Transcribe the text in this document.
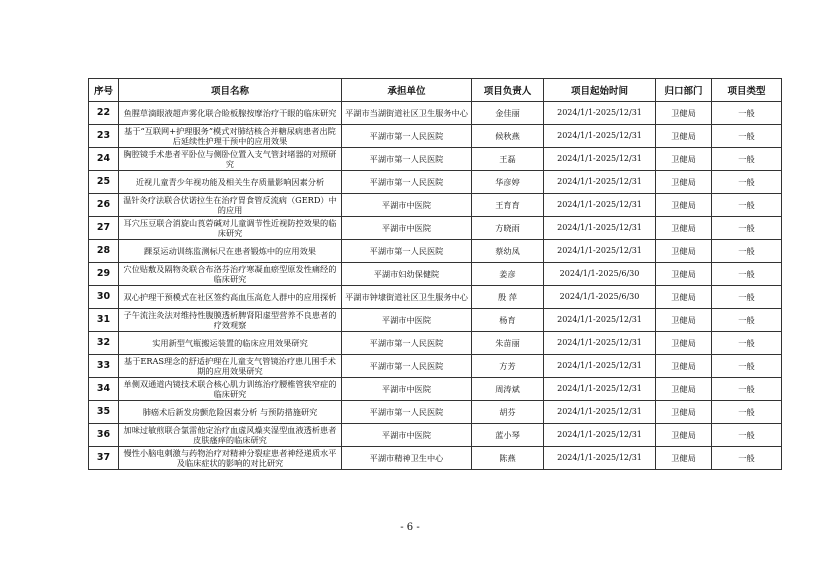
序号	项目名称	承担单位	项目负责人	项目起始时间	归口部门	项目类型
22	鱼腥草滴眼液超声雾化联合睑板腺按摩治疗干眼的临床研究	平湖市当湖街道社区卫生服务中心	金佳丽	2024/1/1-2025/12/31	卫健局	一般
23	基于“互联网+护理服务”模式对肺结核合并糖尿病患者出院后延续性护理干预中的应用效果	平湖市第一人民医院	候秋燕	2024/1/1-2025/12/31	卫健局	一般
24	胸腔镜手术患者平卧位与侧卧位置入支气管封堵器的对照研究	平湖市第一人民医院	王磊	2024/1/1-2025/12/31	卫健局	一般
25	近视儿童青少年视功能及相关生存质量影响因素分析	平湖市第一人民医院	华彦婷	2024/1/1-2025/12/31	卫健局	一般
26	温针灸疗法联合伏诺拉生在治疗胃食管反流病（GERD）中的应用	平湖市中医院	王育育	2024/1/1-2025/12/31	卫健局	一般
27	耳穴压豆联合消旋山莨菪碱对儿童调节性近视防控效果的临床研究	平湖市中医院	方晓雨	2024/1/1-2025/12/31	卫健局	一般
28	踝泵运动训练监测标尺在患者锻炼中的应用效果	平湖市第一人民医院	蔡幼凤	2024/1/1-2025/12/31	卫健局	一般
29	穴位贴敷及隔物灸联合布洛芬治疗寒凝血瘀型原发性痛经的临床研究	平湖市妇幼保健院	姜彦	2024/1/1-2025/6/30	卫健局	一般
30	双心护理干预模式在社区签约高血压高危人群中的应用探析	平湖市钟埭街道社区卫生服务中心	殷 萍	2024/1/1-2025/6/30	卫健局	一般
31	子午流注灸法对维持性腹膜透析脾肾阳虚型营养不良患者的疗效观察	平湖市中医院	杨育	2024/1/1-2025/12/31	卫健局	一般
32	实用新型气瓶搬运装置的临床应用效果研究	平湖市第一人民医院	朱苗丽	2024/1/1-2025/12/31	卫健局	一般
33	基于ERAS理念的舒适护理在儿童支气管镜治疗患儿围手术期的应用效果研究	平湖市第一人民医院	方芳	2024/1/1-2025/12/31	卫健局	一般
34	单侧双通道内镜技术联合核心肌力训练治疗腰椎管狭窄症的临床研究	平湖市中医院	周涛斌	2024/1/1-2025/12/31	卫健局	一般
35	肺癌术后新发房颤危险因素分析 与预防措施研究	平湖市第一人民医院	胡芬	2024/1/1-2025/12/31	卫健局	一般
36	加味过敏煎联合氯雷他定治疗血虚风燥夹湿型血液透析患者皮肤瘙痒的临床研究	平湖市中医院	蓝小琴	2024/1/1-2025/12/31	卫健局	一般
37	慢性小脑电刺激与药物治疗对精神分裂症患者神经递质水平及临床症状的影响的对比研究	平湖市精神卫生中心	陈燕	2024/1/1-2025/12/31	卫健局	一般
- 6 -
